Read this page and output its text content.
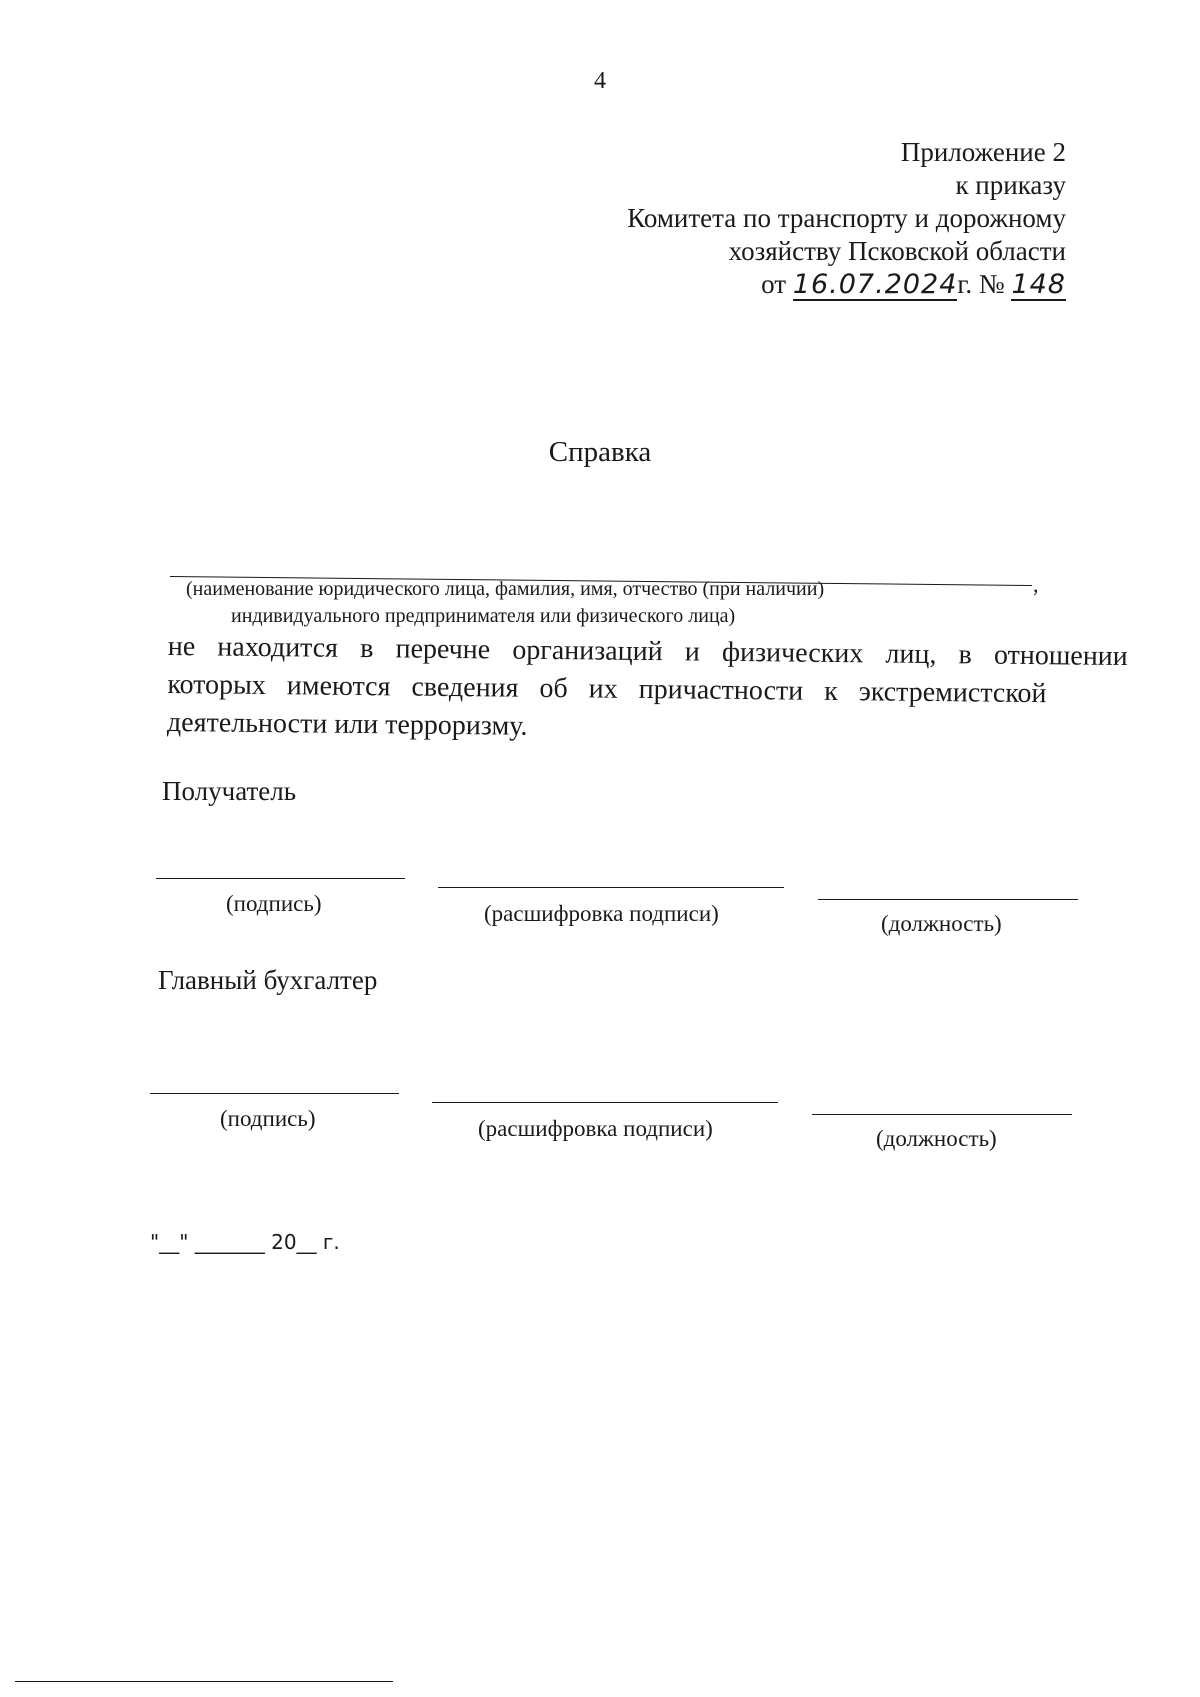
4
Приложение 2
к приказу
Комитета по транспорту и дорожному
хозяйству Псковской области
от 16.07.2024г. № 148
Справка
,
(наименование юридического лица, фамилия, имя, отчество (при наличии)
индивидуального предпринимателя или физического лица)
не находится в перечне организаций и физических лиц, в отношении которых имеются сведения об их причастности к экстремистской
деятельности или терроризму.
Получатель
(подпись)	(расшифровка подписи)	(должность)
Главный бухгалтер
(подпись)	(расшифровка подписи)	(должность)
"__" _______ 20__ г.
